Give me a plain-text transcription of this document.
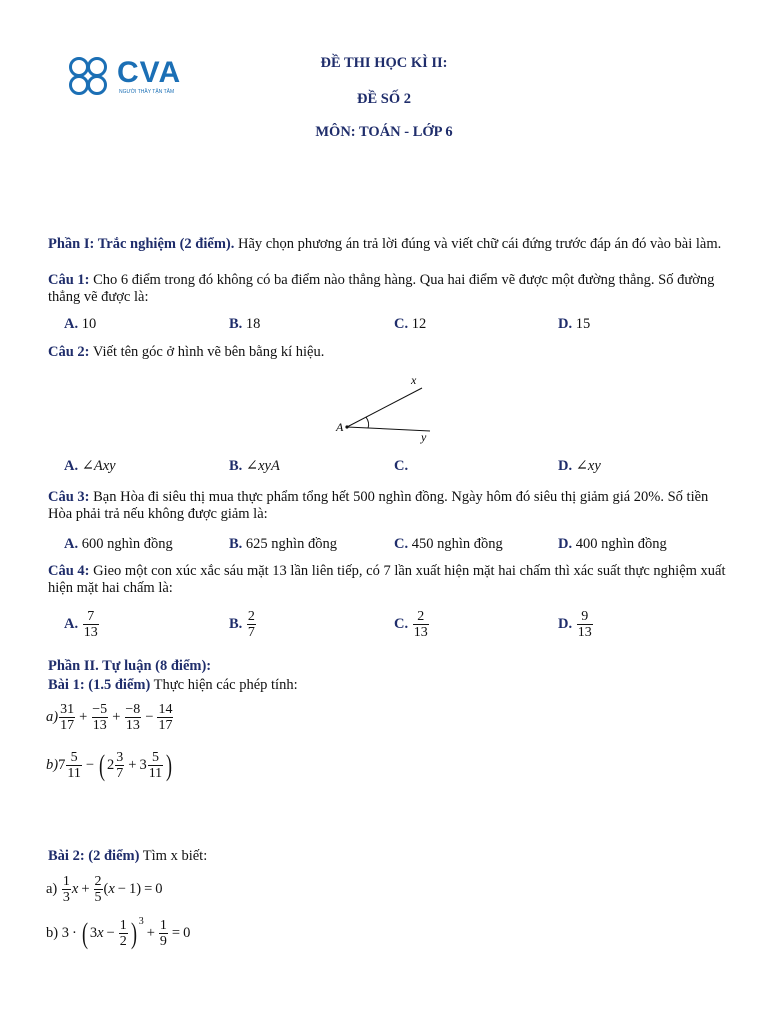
CVA
NGƯỜI THẦY TẬN TÂM
ĐỀ THI HỌC KÌ II:
ĐỀ SỐ 2
MÔN: TOÁN - LỚP 6
Phần I: Trắc nghiệm (2 điểm). Hãy chọn phương án trả lời đúng và viết chữ cái đứng trước đáp án đó vào bài làm.
Câu 1: Cho 6 điểm trong đó không có ba điểm nào thẳng hàng. Qua hai điểm vẽ được một đường thẳng. Số đường thẳng vẽ được là:
A. 10	B. 18	C. 12	D. 15
Câu 2: Viết tên góc ở hình vẽ bên bằng kí hiệu.
A
x
y
A. ∠Axy	B. ∠xyA	C.	D. ∠xy
Câu 3: Bạn Hòa đi siêu thị mua thực phẩm tổng hết 500 nghìn đồng. Ngày hôm đó siêu thị giảm giá 20%. Số tiền Hòa phải trả nếu không được giảm là:
A. 600 nghìn đồng	B. 625 nghìn đồng	C. 450 nghìn đồng	D. 400 nghìn đồng
Câu 4: Gieo một con xúc xắc sáu mặt 13 lần liên tiếp, có 7 lần xuất hiện mặt hai chấm thì xác suất thực nghiệm xuất hiện mặt hai chấm là:
A.
$\frac{7}{13}$	B.
$\frac{2}{7}$	C.
$\frac{2}{13}$	D.
$\frac{9}{13}$
Phần II. Tự luận (8 điểm):
Bài 1: (1.5 điểm) Thực hiện các phép tính:
$a) \frac{31}{17} + \frac{-5}{13} + \frac{-8}{13} - \frac{14}{17}$
b) $7 \frac{5}{11}$ − ( $2 \frac{3}{7} + 3 \frac{5}{11}$ )
Bài 2: (2 điểm) Tìm x biết:
a)
$\frac{1}{3}$ $x + \frac{2}{5}$ ( x − 1) = 0
b)
3 · ( 3 $x - \frac{1}{2} )^3$
+ $\frac{1}{9} = 0$
